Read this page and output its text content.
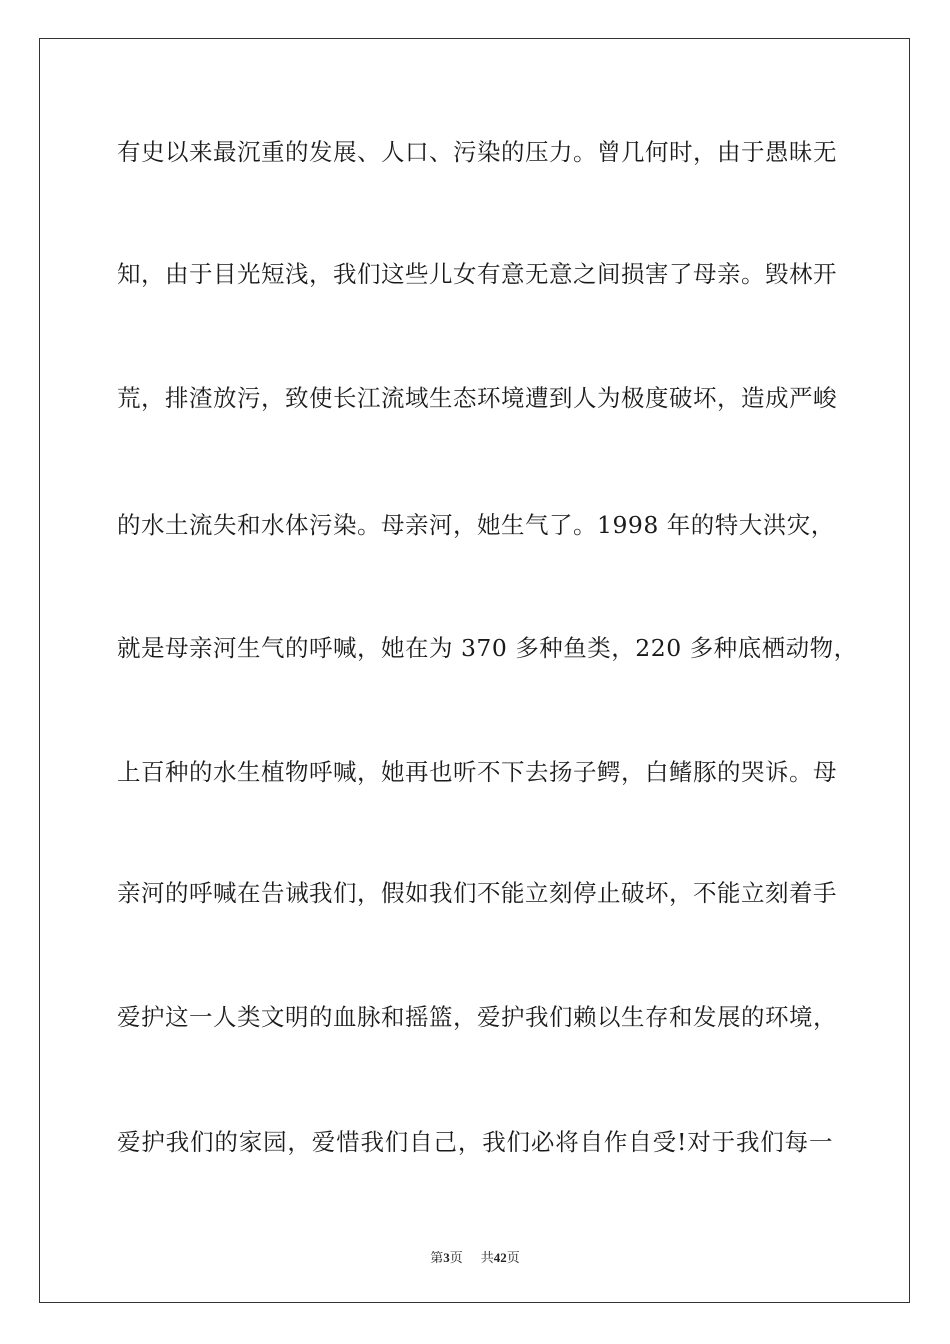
有史以来最沉重的发展、人口、污染的压力。曾几何时，由于愚昧无
知，由于目光短浅，我们这些儿女有意无意之间损害了母亲。毁林开
荒，排渣放污，致使长江流域生态环境遭到人为极度破坏，造成严峻
的水土流失和水体污染。母亲河，她生气了。1998 年的特大洪灾，
就是母亲河生气的呼喊，她在为 370 多种鱼类，220 多种底栖动物，
上百种的水生植物呼喊，她再也听不下去扬子鳄，白鳍豚的哭诉。母
亲河的呼喊在告诫我们，假如我们不能立刻停止破坏，不能立刻着手
爱护这一人类文明的血脉和摇篮，爱护我们赖以生存和发展的环境，
爱护我们的家园，爱惜我们自己，我们必将自作自受!对于我们每一
第3页 共42页
